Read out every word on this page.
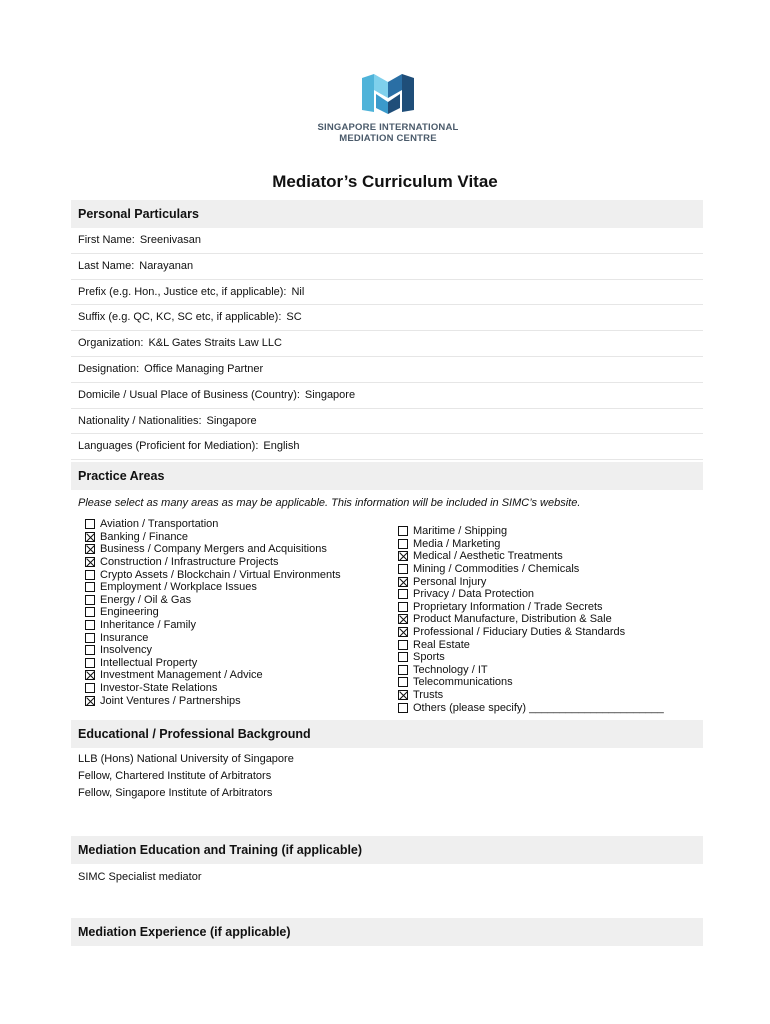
SINGAPORE INTERNATIONAL
MEDIATION CENTRE
Mediator’s Curriculum Vitae
Personal Particulars
First Name: Sreenivasan
Last Name: Narayanan
Prefix (e.g. Hon., Justice etc, if applicable): Nil
Suffix (e.g. QC, KC, SC etc, if applicable): SC
Organization: K&L Gates Straits Law LLC
Designation: Office Managing Partner
Domicile / Usual Place of Business (Country): Singapore
Nationality / Nationalities: Singapore
Languages (Proficient for Mediation): English
Practice Areas
Please select as many areas as may be applicable. This information will be included in SIMC’s website.
Aviation / Transportation
Banking / Finance
Business / Company Mergers and Acquisitions
Construction / Infrastructure Projects
Crypto Assets / Blockchain / Virtual Environments
Employment / Workplace Issues
Energy / Oil & Gas
Engineering
Inheritance / Family
Insurance
Insolvency
Intellectual Property
Investment Management / Advice
Investor-State Relations
Joint Ventures / Partnerships
Maritime / Shipping
Media / Marketing
Medical / Aesthetic Treatments
Mining / Commodities / Chemicals
Personal Injury
Privacy / Data Protection
Proprietary Information / Trade Secrets
Product Manufacture, Distribution & Sale
Professional / Fiduciary Duties & Standards
Real Estate
Sports
Technology / IT
Telecommunications
Trusts
Others (please specify) ______________________
Educational / Professional Background
LLB (Hons) National University of Singapore
Fellow, Chartered Institute of Arbitrators
Fellow, Singapore Institute of Arbitrators
Mediation Education and Training (if applicable)
SIMC Specialist mediator
Mediation Experience (if applicable)
